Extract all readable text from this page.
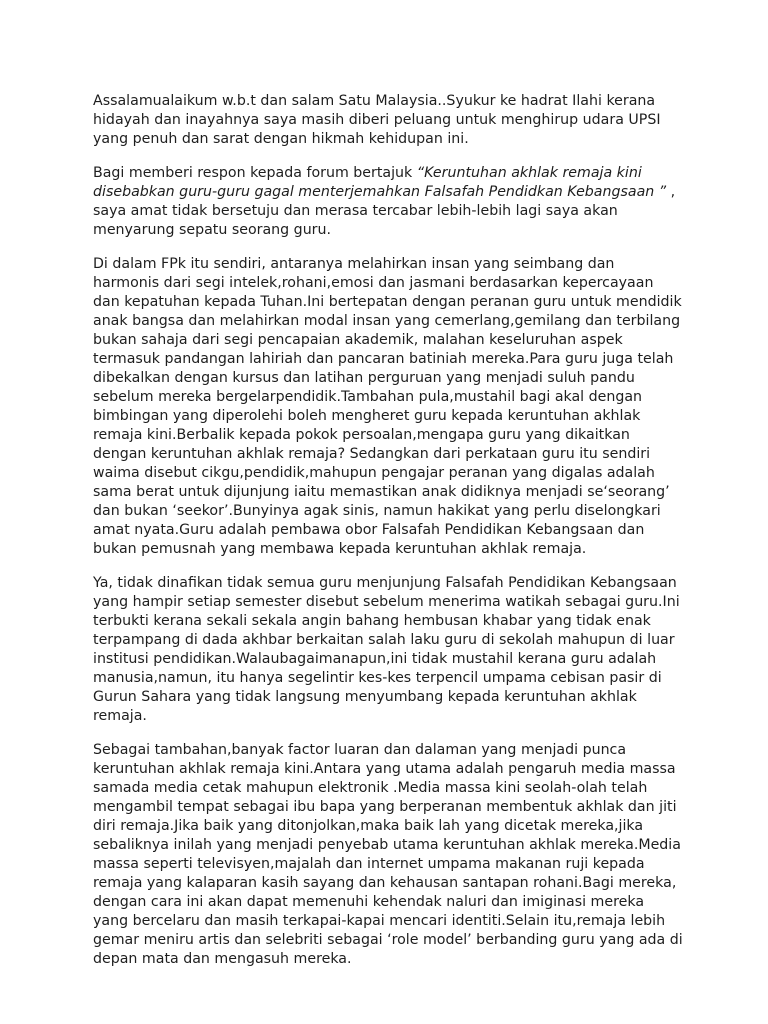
Assalamualaikum w.b.t dan salam Satu Malaysia..Syukur ke hadrat Ilahi kerana hidayah dan inayahnya saya masih diberi peluang untuk menghirup udara UPSI yang penuh dan sarat dengan hikmah kehidupan ini.

Bagi memberi respon kepada forum bertajuk “Keruntuhan akhlak remaja kini disebabkan guru-guru gagal menterjemahkan Falsafah Pendidkan Kebangsaan ” , saya amat tidak bersetuju dan merasa tercabar lebih-lebih lagi saya akan menyarung sepatu seorang guru.

Di dalam FPk itu sendiri, antaranya melahirkan insan yang seimbang dan harmonis dari segi intelek,rohani,emosi dan jasmani berdasarkan kepercayaan dan kepatuhan kepada Tuhan.Ini bertepatan dengan peranan guru untuk mendidik anak bangsa dan melahirkan modal insan yang cemerlang,gemilang dan terbilang bukan sahaja dari segi pencapaian akademik, malahan keseluruhan aspek termasuk pandangan lahiriah dan pancaran batiniah mereka.Para guru juga telah dibekalkan dengan kursus dan latihan perguruan yang menjadi suluh pandu sebelum mereka bergelarpendidik.Tambahan pula,mustahil bagi akal dengan bimbingan yang diperolehi boleh mengheret guru kepada keruntuhan akhlak remaja kini.Berbalik kepada pokok persoalan,mengapa guru yang dikaitkan dengan keruntuhan akhlak remaja? Sedangkan dari perkataan guru itu sendiri waima disebut cikgu,pendidik,mahupun pengajar peranan yang digalas adalah sama berat untuk dijunjung iaitu memastikan anak didiknya menjadi se‘seorang’ dan bukan ‘seekor’.Bunyinya agak sinis, namun hakikat yang perlu diselongkari amat nyata.Guru adalah pembawa obor Falsafah Pendidikan Kebangsaan dan bukan pemusnah yang membawa kepada keruntuhan akhlak remaja.

Ya, tidak dinafikan tidak semua guru menjunjung Falsafah Pendidikan Kebangsaan yang hampir setiap semester disebut sebelum menerima watikah sebagai guru.Ini terbukti kerana sekali sekala angin bahang hembusan khabar yang tidak enak terpampang di dada akhbar berkaitan salah laku guru di sekolah mahupun di luar institusi pendidikan.Walaubagaimanapun,ini tidak mustahil kerana guru adalah manusia,namun, itu hanya segelintir kes-kes terpencil umpama cebisan pasir di Gurun Sahara yang tidak langsung menyumbang kepada keruntuhan akhlak remaja.

Sebagai tambahan,banyak factor luaran dan dalaman yang menjadi punca keruntuhan akhlak remaja kini.Antara yang utama adalah pengaruh media massa samada media cetak mahupun elektronik .Media massa kini seolah-olah telah mengambil tempat sebagai ibu bapa yang berperanan membentuk akhlak dan jiti diri remaja.Jika baik yang ditonjolkan,maka baik lah yang dicetak mereka,jika sebaliknya inilah yang menjadi penyebab utama keruntuhan akhlak mereka.Media massa seperti televisyen,majalah dan internet umpama makanan ruji kepada remaja yang kalaparan kasih sayang dan kehausan santapan rohani.Bagi mereka, dengan cara ini akan dapat memenuhi kehendak naluri dan imiginasi mereka yang bercelaru dan masih terkapai-kapai mencari identiti.Selain itu,remaja lebih gemar meniru artis dan selebriti sebagai ‘role model’ berbanding guru yang ada di depan mata dan mengasuh mereka.
